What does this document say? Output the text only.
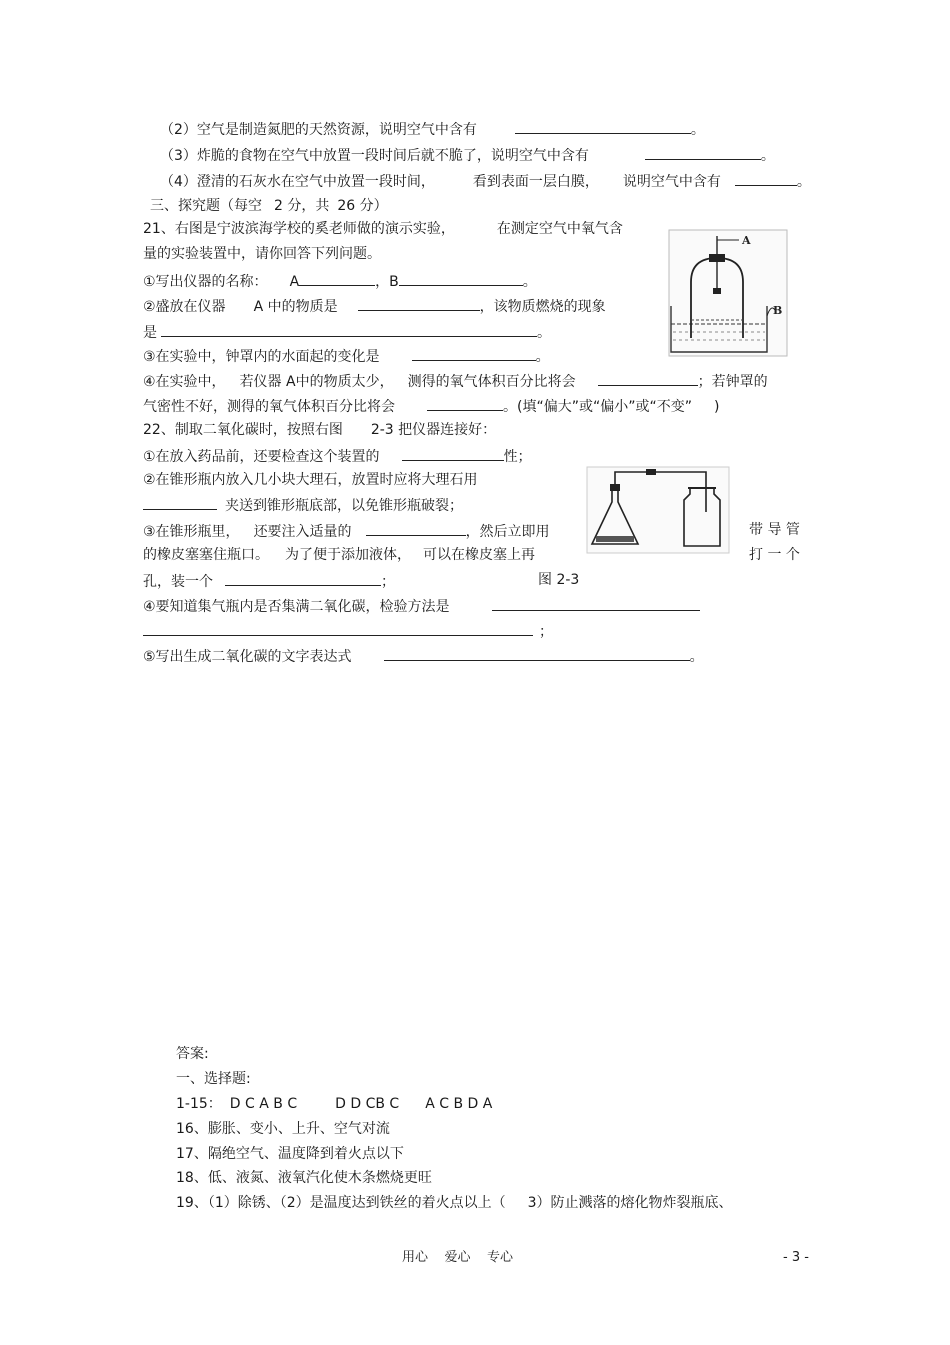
（2）空气是制造氮肥的天然资源，说明空气中含有	。
（3）炸脆的食物在空气中放置一段时间后就不脆了，说明空气中含有	。
（4）澄清的石灰水在空气中放置一段时间，	看到表面一层白膜， 说明空气中含有	。
三、探究题（每空 2 分，共 26 分）
21、右图是宁波滨海学校的奚老师做的演示实验，	在测定空气中氧气含
量的实验装置中，请你回答下列问题。
①写出仪器的名称： A	，B	。
②盛放在仪器 A 中的物质是	，该物质燃烧的现象
是	。
③在实验中，钟罩内的水面起的变化是	。
④在实验中， 若仪器 A中的物质太少， 测得的氧气体积百分比将会	；若钟罩的
气密性不好，测得的氧气体积百分比将会	。(填“偏大”或“偏小”或“不变” )
A
B
22、制取二氧化碳时，按照右图 2-3 把仪器连接好：
①在放入药品前，还要检查这个装置的	性；
②在锥形瓶内放入几小块大理石，放置时应将大理石用
夹送到锥形瓶底部，以免锥形瓶破裂；
③在锥形瓶里， 还要注入适量的	，然后立即用	带 导 管
的橡皮塞塞住瓶口。 为了便于添加液体， 可以在橡皮塞上再	打 一 个
孔，装一个	；	图 2-3
④要知道集气瓶内是否集满二氧化碳，检验方法是
；
⑤写出生成二氧化碳的文字表达式	。
答案:
一、选择题:
1-15： D C A B C	D D CB C A C B D A
16、膨胀、变小、上升、空气对流
17、隔绝空气、温度降到着火点以下
18、低、液氮、液氧汽化使木条燃烧更旺
19、（1）除锈、（2）是温度达到铁丝的着火点以上（ 3）防止溅落的熔化物炸裂瓶底、
用心    爱心    专心	- 3 -
